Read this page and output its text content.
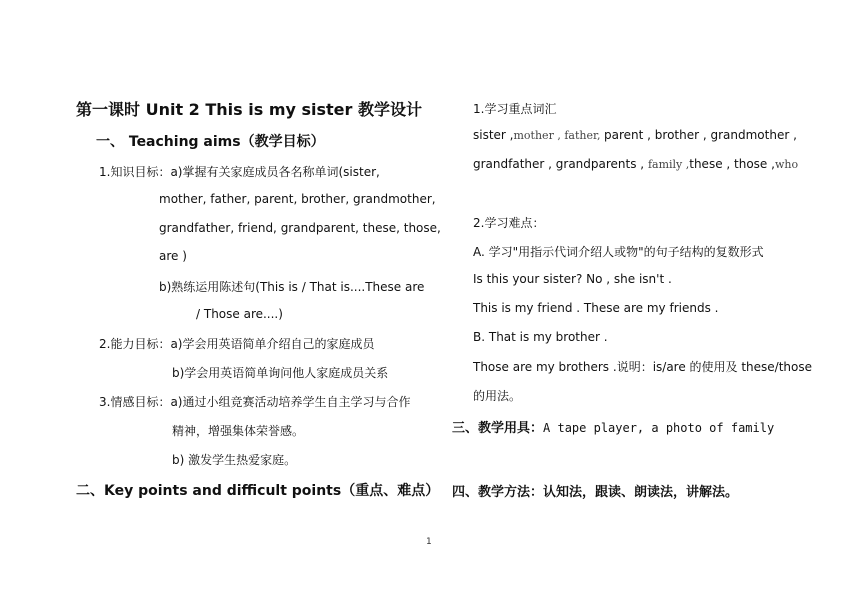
第一课时 Unit 2 This is my sister 教学设计
一、 Teaching aims（教学目标）
1.知识目标：a)掌握有关家庭成员各名称单词(sister,
mother, father, parent, brother, grandmother,
grandfather, friend, grandparent, these, those,
are )
b)熟练运用陈述句(This is / That is....These are
/ Those are....)
2.能力目标：a)学会用英语简单介绍自己的家庭成员
b)学会用英语简单询问他人家庭成员关系
3.情感目标：a)通过小组竞赛活动培养学生自主学习与合作
精神，增强集体荣誉感。
b) 激发学生热爱家庭。
二、Key points and difficult points（重点、难点）
1.学习重点词汇
sister ,mother , father, parent , brother , grandmother ,
grandfather , grandparents , family ,these , those ,who
2.学习难点：
A. 学习"用指示代词介绍人或物"的句子结构的复数形式
Is this your sister? No , she isn't .
This is my friend . These are my friends .
B. That is my brother .
Those are my brothers .说明：is/are 的使用及 these/those
的用法。
三、教学用具：A tape player, a photo of family
四、教学方法：认知法，跟读、朗读法，讲解法。
1
